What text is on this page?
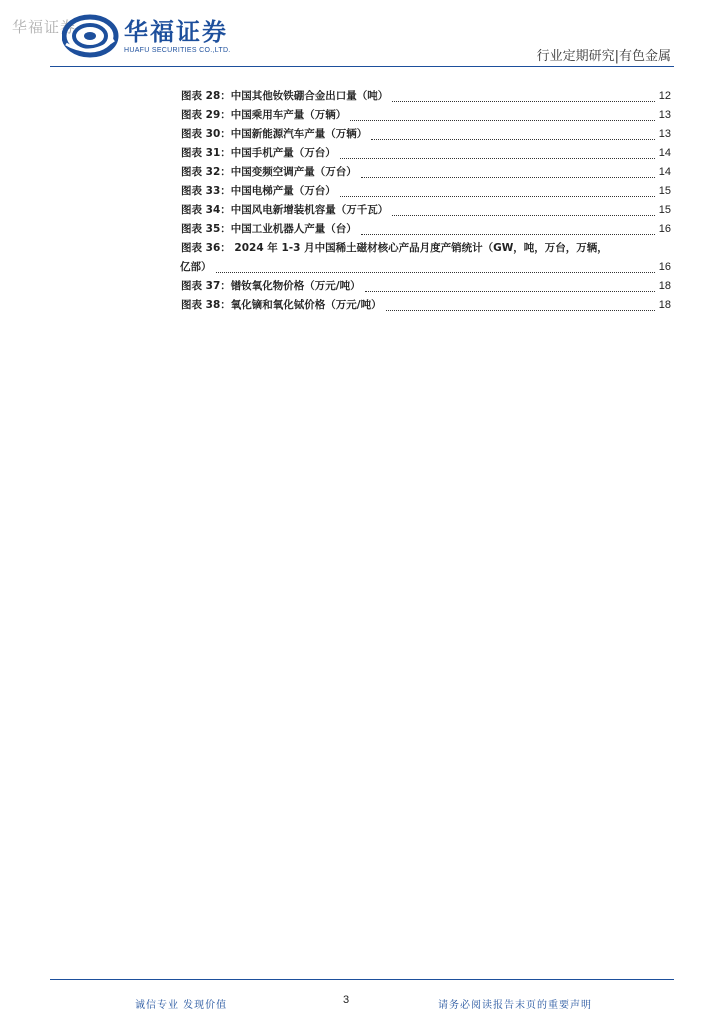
华福证券 华福证券
HUAFU SECURITIES CO.,LTD.	行业定期研究|有色金属
图表 28：中国其他钕铁硼合金出口量（吨）	12
图表 29：中国乘用车产量（万辆）	13
图表 30：中国新能源汽车产量（万辆）	13
图表 31：中国手机产量（万台）	14
图表 32：中国变频空调产量（万台）	14
图表 33：中国电梯产量（万台）	15
图表 34：中国风电新增装机容量（万千瓦）	15
图表 35：中国工业机器人产量（台）	16
图表 36： 2024 年 1-3 月中国稀土磁材核心产品月度产销统计（GW，吨，万台，万辆，
亿部）	16
图表 37：镨钕氧化物价格（万元/吨）	18
图表 38：氧化镝和氧化铽价格（万元/吨）	18
诚信专业 发现价值	3	请务必阅读报告末页的重要声明
